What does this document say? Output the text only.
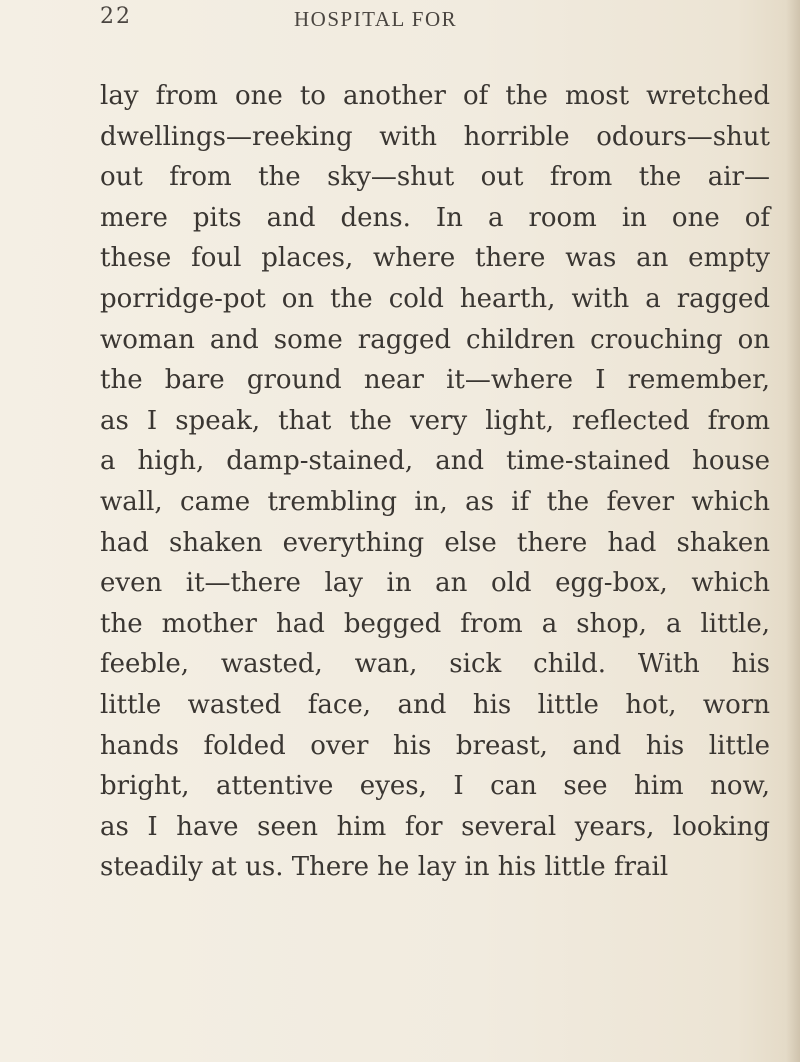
22	HOSPITAL FOR
lay from one to another of the most wretched
dwellings—reeking with horrible odours—shut
out from the sky—shut out from the air—
mere pits and dens. In a room in one of
these foul places, where there was an empty
porridge-pot on the cold hearth, with a ragged
woman and some ragged children crouching on
the bare ground near it—where I remember,
as I speak, that the very light, reflected from
a high, damp-stained, and time-stained house
wall, came trembling in, as if the fever which
had shaken everything else there had shaken
even it—there lay in an old egg-box, which
the mother had begged from a shop, a little,
feeble, wasted, wan, sick child. With his
little wasted face, and his little hot, worn
hands folded over his breast, and his little
bright, attentive eyes, I can see him now,
as I have seen him for several years, looking
steadily at us. There he lay in his little frail
